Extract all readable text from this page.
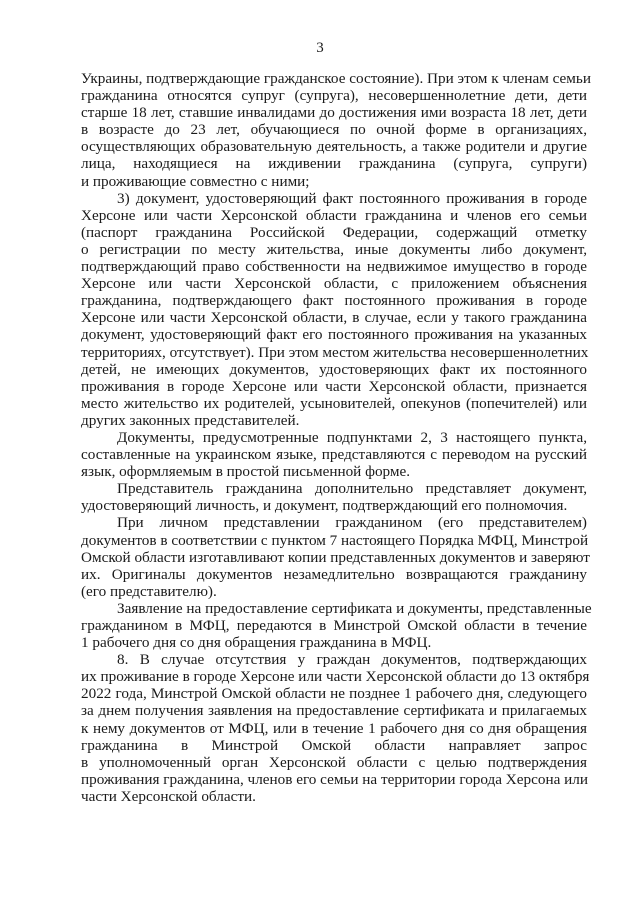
3
Украины, подтверждающие гражданское состояние). При этом к членам семьи
гражданина относятся супруг (супруга), несовершеннолетние дети, дети
старше 18 лет, ставшие инвалидами до достижения ими возраста 18 лет, дети
в возрасте до 23 лет, обучающиеся по очной форме в организациях,
осуществляющих образовательную деятельность, а также родители и другие
лица, находящиеся на иждивении гражданина (супруга, супруги)
и проживающие совместно с ними;
3) документ, удостоверяющий факт постоянного проживания в городе
Херсоне или части Херсонской области гражданина и членов его семьи
(паспорт гражданина Российской Федерации, содержащий отметку
о регистрации по месту жительства, иные документы либо документ,
подтверждающий право собственности на недвижимое имущество в городе
Херсоне или части Херсонской области, с приложением объяснения
гражданина, подтверждающего факт постоянного проживания в городе
Херсоне или части Херсонской области, в случае, если у такого гражданина
документ, удостоверяющий факт его постоянного проживания на указанных
территориях, отсутствует). При этом местом жительства несовершеннолетних
детей, не имеющих документов, удостоверяющих факт их постоянного
проживания в городе Херсоне или части Херсонской области, признается
место жительство их родителей, усыновителей, опекунов (попечителей) или
других законных представителей.
Документы, предусмотренные подпунктами 2, 3 настоящего пункта,
составленные на украинском языке, представляются с переводом на русский
язык, оформляемым в простой письменной форме.
Представитель гражданина дополнительно представляет документ,
удостоверяющий личность, и документ, подтверждающий его полномочия.
При личном представлении гражданином (его представителем)
документов в соответствии с пунктом 7 настоящего Порядка МФЦ, Минстрой
Омской области изготавливают копии представленных документов и заверяют
их. Оригиналы документов незамедлительно возвращаются гражданину
(его представителю).
Заявление на предоставление сертификата и документы, представленные
гражданином в МФЦ, передаются в Минстрой Омской области в течение
1 рабочего дня со дня обращения гражданина в МФЦ.
8. В случае отсутствия у граждан документов, подтверждающих
их проживание в городе Херсоне или части Херсонской области до 13 октября
2022 года, Минстрой Омской области не позднее 1 рабочего дня, следующего
за днем получения заявления на предоставление сертификата и прилагаемых
к нему документов от МФЦ, или в течение 1 рабочего дня со дня обращения
гражданина в Минстрой Омской области направляет запрос
в уполномоченный орган Херсонской области с целью подтверждения
проживания гражданина, членов его семьи на территории города Херсона или
части Херсонской области.
